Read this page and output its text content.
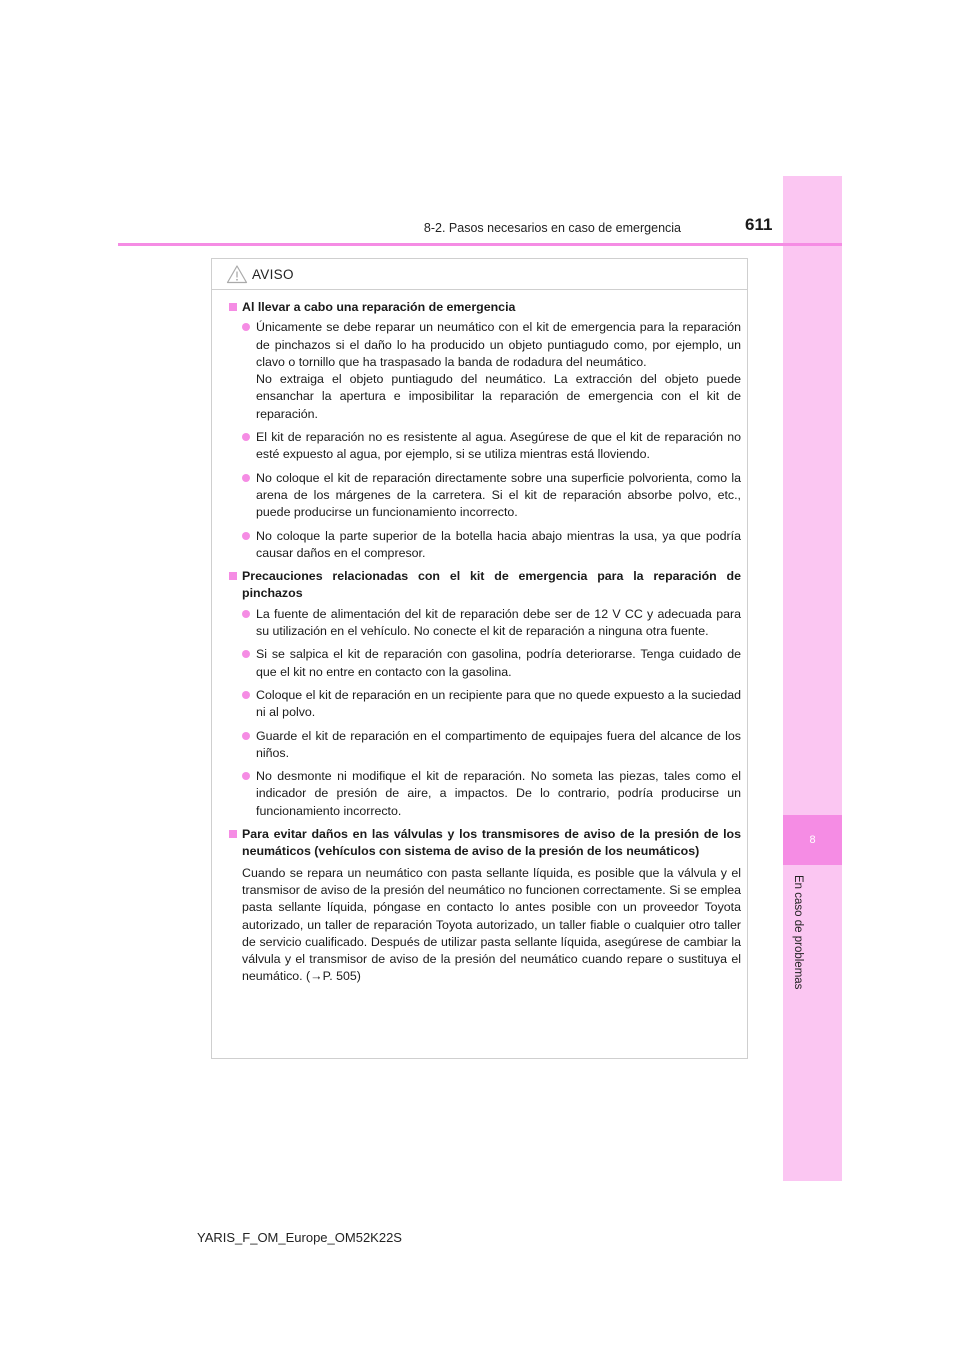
8
En caso de problemas
8-2. Pasos necesarios en caso de emergencia	611
AVISO
Al llevar a cabo una reparación de emergencia

Únicamente se debe reparar un neumático con el kit de emergencia para la reparación de pinchazos si el daño lo ha producido un objeto puntiagudo como, por ejemplo, un clavo o tornillo que ha traspasado la banda de rodadura del neumático.

No extraiga el objeto puntiagudo del neumático. La extracción del objeto puede ensanchar la apertura e imposibilitar la reparación de emergencia con el kit de reparación.

El kit de reparación no es resistente al agua. Asegúrese de que el kit de reparación no esté expuesto al agua, por ejemplo, si se utiliza mientras está lloviendo.

No coloque el kit de reparación directamente sobre una superficie polvorienta, como la arena de los márgenes de la carretera. Si el kit de reparación absorbe polvo, etc., puede producirse un funcionamiento incorrecto.

No coloque la parte superior de la botella hacia abajo mientras la usa, ya que podría causar daños en el compresor.

Precauciones relacionadas con el kit de emergencia para la reparación de pinchazos

La fuente de alimentación del kit de reparación debe ser de 12 V CC y adecuada para su utilización en el vehículo. No conecte el kit de reparación a ninguna otra fuente.

Si se salpica el kit de reparación con gasolina, podría deteriorarse. Tenga cuidado de que el kit no entre en contacto con la gasolina.

Coloque el kit de reparación en un recipiente para que no quede expuesto a la suciedad ni al polvo.

Guarde el kit de reparación en el compartimento de equipajes fuera del alcance de los niños.

No desmonte ni modifique el kit de reparación. No someta las piezas, tales como el indicador de presión de aire, a impactos. De lo contrario, podría producirse un funcionamiento incorrecto.

Para evitar daños en las válvulas y los transmisores de aviso de la presión de los neumáticos (vehículos con sistema de aviso de la presión de los neumáticos)
Cuando se repara un neumático con pasta sellante líquida, es posible que la válvula y el transmisor de aviso de la presión del neumático no funcionen correctamente. Si se emplea pasta sellante líquida, póngase en contacto lo antes posible con un proveedor Toyota autorizado, un taller de reparación Toyota autorizado, un taller fiable o cualquier otro taller de servicio cualificado. Después de utilizar pasta sellante líquida, asegúrese de cambiar la válvula y el transmisor de aviso de la presión del neumático cuando repare o sustituya el neumático. (→P. 505)
YARIS_F_OM_Europe_OM52K22S
